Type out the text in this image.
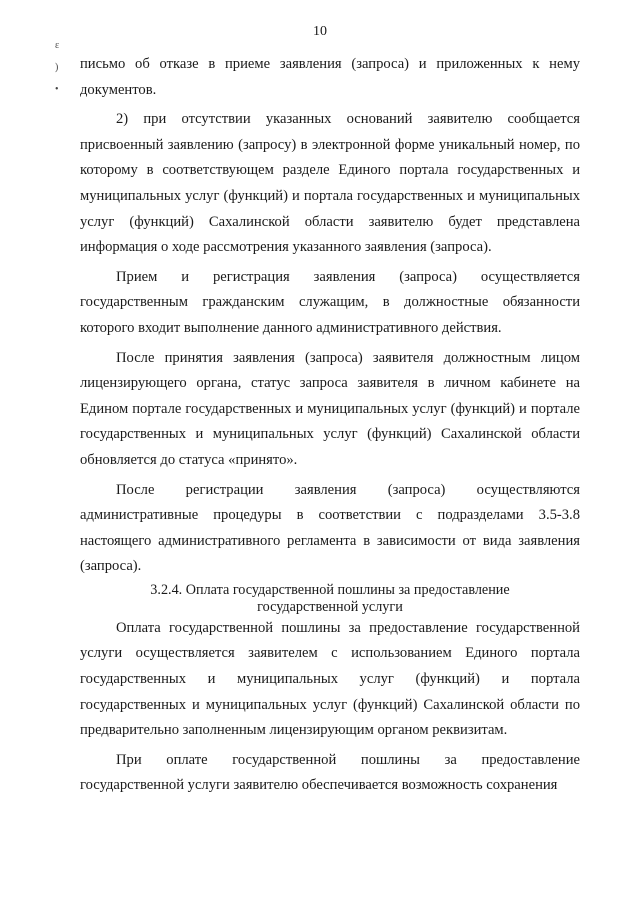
10
ε
)
•

письмо об отказе в приеме заявления (запроса) и приложенных к нему документов.

2) при отсутствии указанных оснований заявителю сообщается присвоенный заявлению (запросу) в электронной форме уникальный номер, по которому в соответствующем разделе Единого портала государственных и муниципальных услуг (функций) и портала государственных и муниципальных услуг (функций) Сахалинской области заявителю будет представлена информация о ходе рассмотрения указанного заявления (запроса).

Прием и регистрация заявления (запроса) осуществляется государственным гражданским служащим, в должностные обязанности которого входит выполнение данного административного действия.

После принятия заявления (запроса) заявителя должностным лицом лицензирующего органа, статус запроса заявителя в личном кабинете на Едином портале государственных и муниципальных услуг (функций) и портале государственных и муниципальных услуг (функций) Сахалинской области обновляется до статуса «принято».

После регистрации заявления (запроса) осуществляются административные процедуры в соответствии с подразделами 3.5-3.8 настоящего административного регламента в зависимости от вида заявления (запроса).

3.2.4. Оплата государственной пошлины за предоставление
государственной услуги

Оплата государственной пошлины за предоставление государственной услуги осуществляется заявителем с использованием Единого портала государственных и муниципальных услуг (функций) и портала государственных и муниципальных услуг (функций) Сахалинской области по предварительно заполненным лицензирующим органом реквизитам.

При оплате государственной пошлины за предоставление государственной услуги заявителю обеспечивается возможность сохранения
